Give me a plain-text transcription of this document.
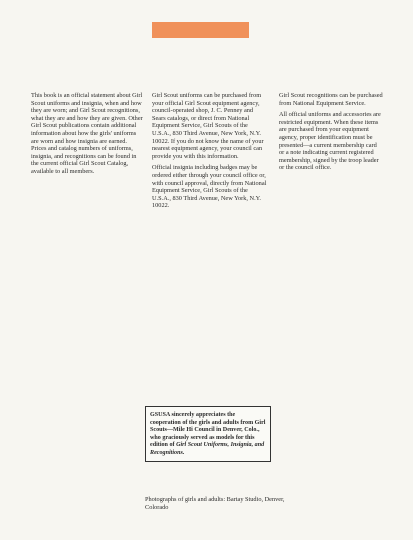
This book is an official statement about Girl Scout uniforms and insignia, when and how they are worn; and Girl Scout recognitions, what they are and how they are given. Other Girl Scout publications contain additional information about how the girls' uniforms are worn and how insignia are earned. Prices and catalog numbers of uniforms, insignia, and recognitions can be found in the current official Girl Scout Catalog, available to all members.

Girl Scout uniforms can be purchased from your official Girl Scout equipment agency, council-operated shop, J. C. Penney and Sears catalogs, or direct from National Equipment Service, Girl Scouts of the U.S.A., 830 Third Avenue, New York, N.Y. 10022. If you do not know the name of your nearest equipment agency, your council can provide you with this information.

Official insignia including badges may be ordered either through your council office or, with council approval, directly from National Equipment Service, Girl Scouts of the U.S.A., 830 Third Avenue, New York, N.Y. 10022.

Girl Scout recognitions can be purchased from National Equipment Service.

All official uniforms and accessories are restricted equipment. When these items are purchased from your equipment agency, proper identification must be presented—a current membership card or a note indicating current registered membership, signed by the troop leader or the council office.

GSUSA sincerely appreciates the cooperation of the girls and adults from Girl Scouts—Mile Hi Council in Denver, Colo., who graciously served as models for this edition of Girl Scout Uniforms, Insignia, and Recognitions.
Photographs of girls and adults: Bartay Studio, Denver, Colorado
